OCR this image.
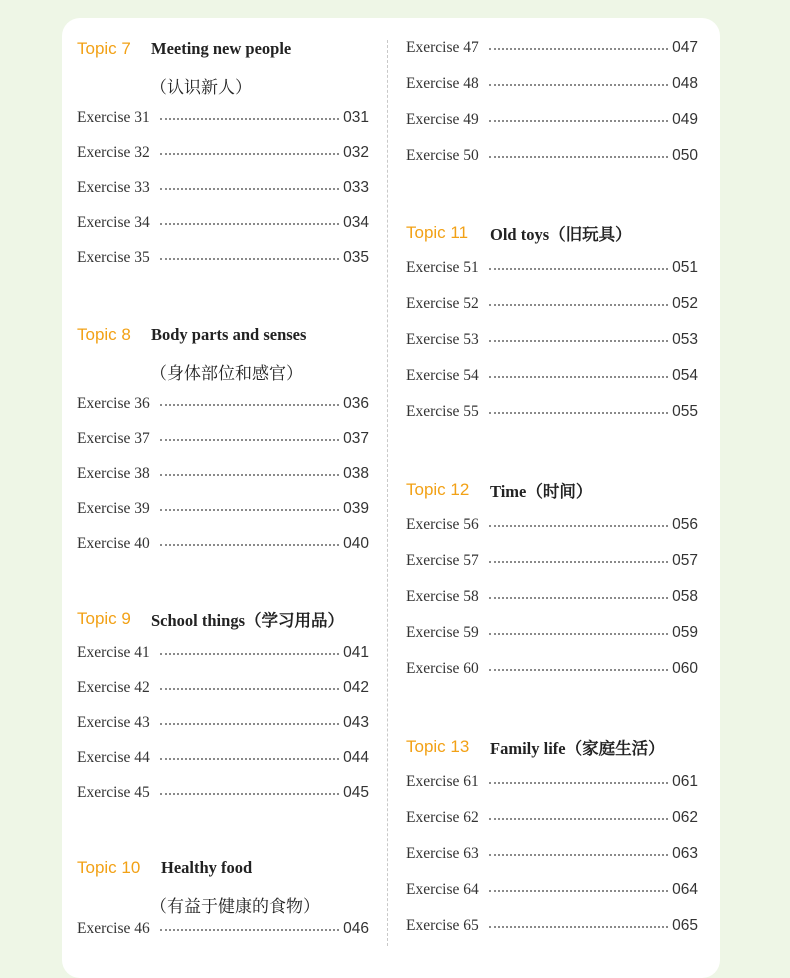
Topic 7	Meeting new people
（认识新人）
Exercise 31	031
Exercise 32	032
Exercise 33	033
Exercise 34	034
Exercise 35	035
Topic 8	Body parts and senses
（身体部位和感官）
Exercise 36	036
Exercise 37	037
Exercise 38	038
Exercise 39	039
Exercise 40	040
Topic 9	School things（学习用品）
Exercise 41	041
Exercise 42	042
Exercise 43	043
Exercise 44	044
Exercise 45	045
Topic 10	Healthy food
（有益于健康的食物）
Exercise 46	046
Exercise 47	047
Exercise 48	048
Exercise 49	049
Exercise 50	050
Topic 11	Old toys（旧玩具）
Exercise 51	051
Exercise 52	052
Exercise 53	053
Exercise 54	054
Exercise 55	055
Topic 12	Time（时间）
Exercise 56	056
Exercise 57	057
Exercise 58	058
Exercise 59	059
Exercise 60	060
Topic 13	Family life（家庭生活）
Exercise 61	061
Exercise 62	062
Exercise 63	063
Exercise 64	064
Exercise 65	065
